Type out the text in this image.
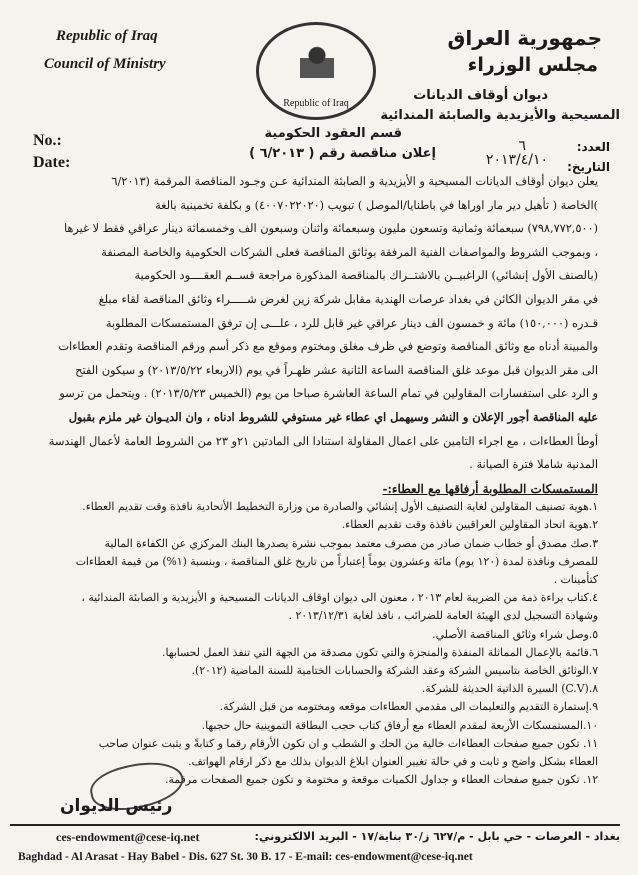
Republic of Iraq
Council of Ministry
Republic of Iraq
جمهورية العراق
مجلس الوزراء
ديوان أوقاف الديانات
المسيحية والأيزيدية والصابئة المندائية
قسم العقود الحكومية
إعلان مناقصة رقم ( ٦/٢٠١٣ )
No.:
Date:
العدد:
٦
التاريخ:
٢٠١٣/٤/١٠
يعلن ديوان أوقاف الديانات المسيحية و الأيزيدية و الصابئة المندائية عـن وجـود المناقصة المرقمة (٦/٢٠١٣
)الخاصة ( تأهيل دير مار اوراها في باطنايا/الموصل ) تبويب (٤٠٠٧٠٢٢٠٢٠) و بكلفة تخمينية بالغة
(٧٩٨,٧٧٢,٥٠٠) سبعمائة وثمانية وتسعون مليون وسبعمائة واثنان وسبعون الف وخمسمائة دينار عراقي فقط لا غيرها
، وبموجب الشروط والمواصفات الفنية المرفقة بوثائق المناقصة فعلى الشركات الحكومية والخاصة المصنفة
(بالصنف الأول إنشائي) الراغبيــن بالاشتــراك بالمناقصة المذكورة مراجعة قســم العقــــود الحكومية
في مقر الديوان الكائن في بغداد عرصات الهندية مقابل شركة زين لغرض شـــــراء وثائق المناقصة لقاء مبلغ
قـدره (١٥٠,٠٠٠) مائة و خمسون الف دينار عراقي غير قابل للرد ، علـــى إن ترفق المستمسكات المطلوبة
والمبينة أدناه مع وثائق المناقصة وتوضع في ظرف مغلق ومختوم وموقع مع ذكر أسم ورقم المناقصة وتقدم العطاءات
الى مقر الديوان قبل موعد غلق المناقصة الساعة الثانية عشر ظهـراً في يوم (الاربعاء ٢٠١٣/٥/٢٢) و سيكون الفتح
و الرد على استفسارات المقاولين في تمام الساعة العاشرة صباحا من يوم (الخميس ٢٠١٣/٥/٢٣) . ويتحمل من ترسو
عليه المناقصة أجور الإعلان و النشر وسيهمل اي عطاء غير مستوفي للشروط ادناه ، وان الديـوان غير ملزم بقبول
أوطأ العطاءات ، مع اجراء التامين على اعمال المقاولة استنادا الى المادتين ٢١و ٢٣ من الشروط العامة لأعمال الهندسة
المدنية شاملا فترة الصيانة .
المستمسكات المطلوبة أرفاقها مع العطاء:-
١.هوية تصنيف المقاولين لغاية التصنيف الأول إنشائي والصادرة من وزارة التخطيط الأتحادية نافذة وقت تقديم العطاء.
٢.هوية اتحاد المقاولين العراقيين نافذة وقت تقديم العطاء.
٣.صك مصدق أو خطاب ضمان صادر من مصرف معتمد بموجب نشرة يصدرها البنك المركزي عن الكفاءة المالية
للمصرف ونافذة لمدة (١٢٠ يوم) مائة وعشرون يوماً إعتباراً من تاريخ غلق المناقصة ، وبنسبة (١%) من قيمة العطاءات
كتأمينات .
٤.كتاب براءة ذمة من الضريبة لعام ٢٠١٣ ، معنون الى ديوان اوقاف الديانات المسيحية و الأيزيدية و الصابئة المندائية ،
وشهادة التسجيل لدى الهيئة العامة للضرائب ، نافذ لغاية ٢٠١٣/١٢/٣١ .
٥.وصل شراء وثائق المناقصة الأصلي.
٦.قائمة بالإعمال المماثلة المنفذة والمنجزة والتي تكون مصدقة من الجهة التي تنفذ العمل لحسابها.
٧.الوثائق الخاصة بتاسيس الشركة وعقد الشركة والحسابات الختامية للسنة الماضية (٢٠١٢).
٨.(C.V) السيرة الذاتية الحديثة للشركة.
٩.إستمارة التقديم والتعليمات الى مقدمي العطاءات موقعه ومختومه من قبل الشركة.
١٠.المستمسكات الأربعة لمقدم العطاء مع أرفاق كتاب حجب البطاقة التموينية حال حجبها.
١١. تكون جميع صفحات العطاءات خالية من الحك و الشطب و ان تكون الأرقام رقما و كتابةً و يثبت عنوان صاحب
العطاء بشكل واضح و ثابت و في حالة تغيير العنوان ابلاغ الديوان بذلك مع ذكر ارقام الهواتف.
١٢. تكون جميع صفحات العطاء و جداول الكميات موقعة و مختومة و تكون جميع الصفحات مرقمة.
رئيس الديوان
ces-endowment@cese-iq.net	بغداد - العرصات - حي بابل - م/٦٢٧ ز/٣٠ بناية/١٧ - البريد الالكتروني:
Baghdad - Al Arasat - Hay Babel - Dis. 627 St. 30 B. 17 - E-mail: ces-endowment@cese-iq.net
